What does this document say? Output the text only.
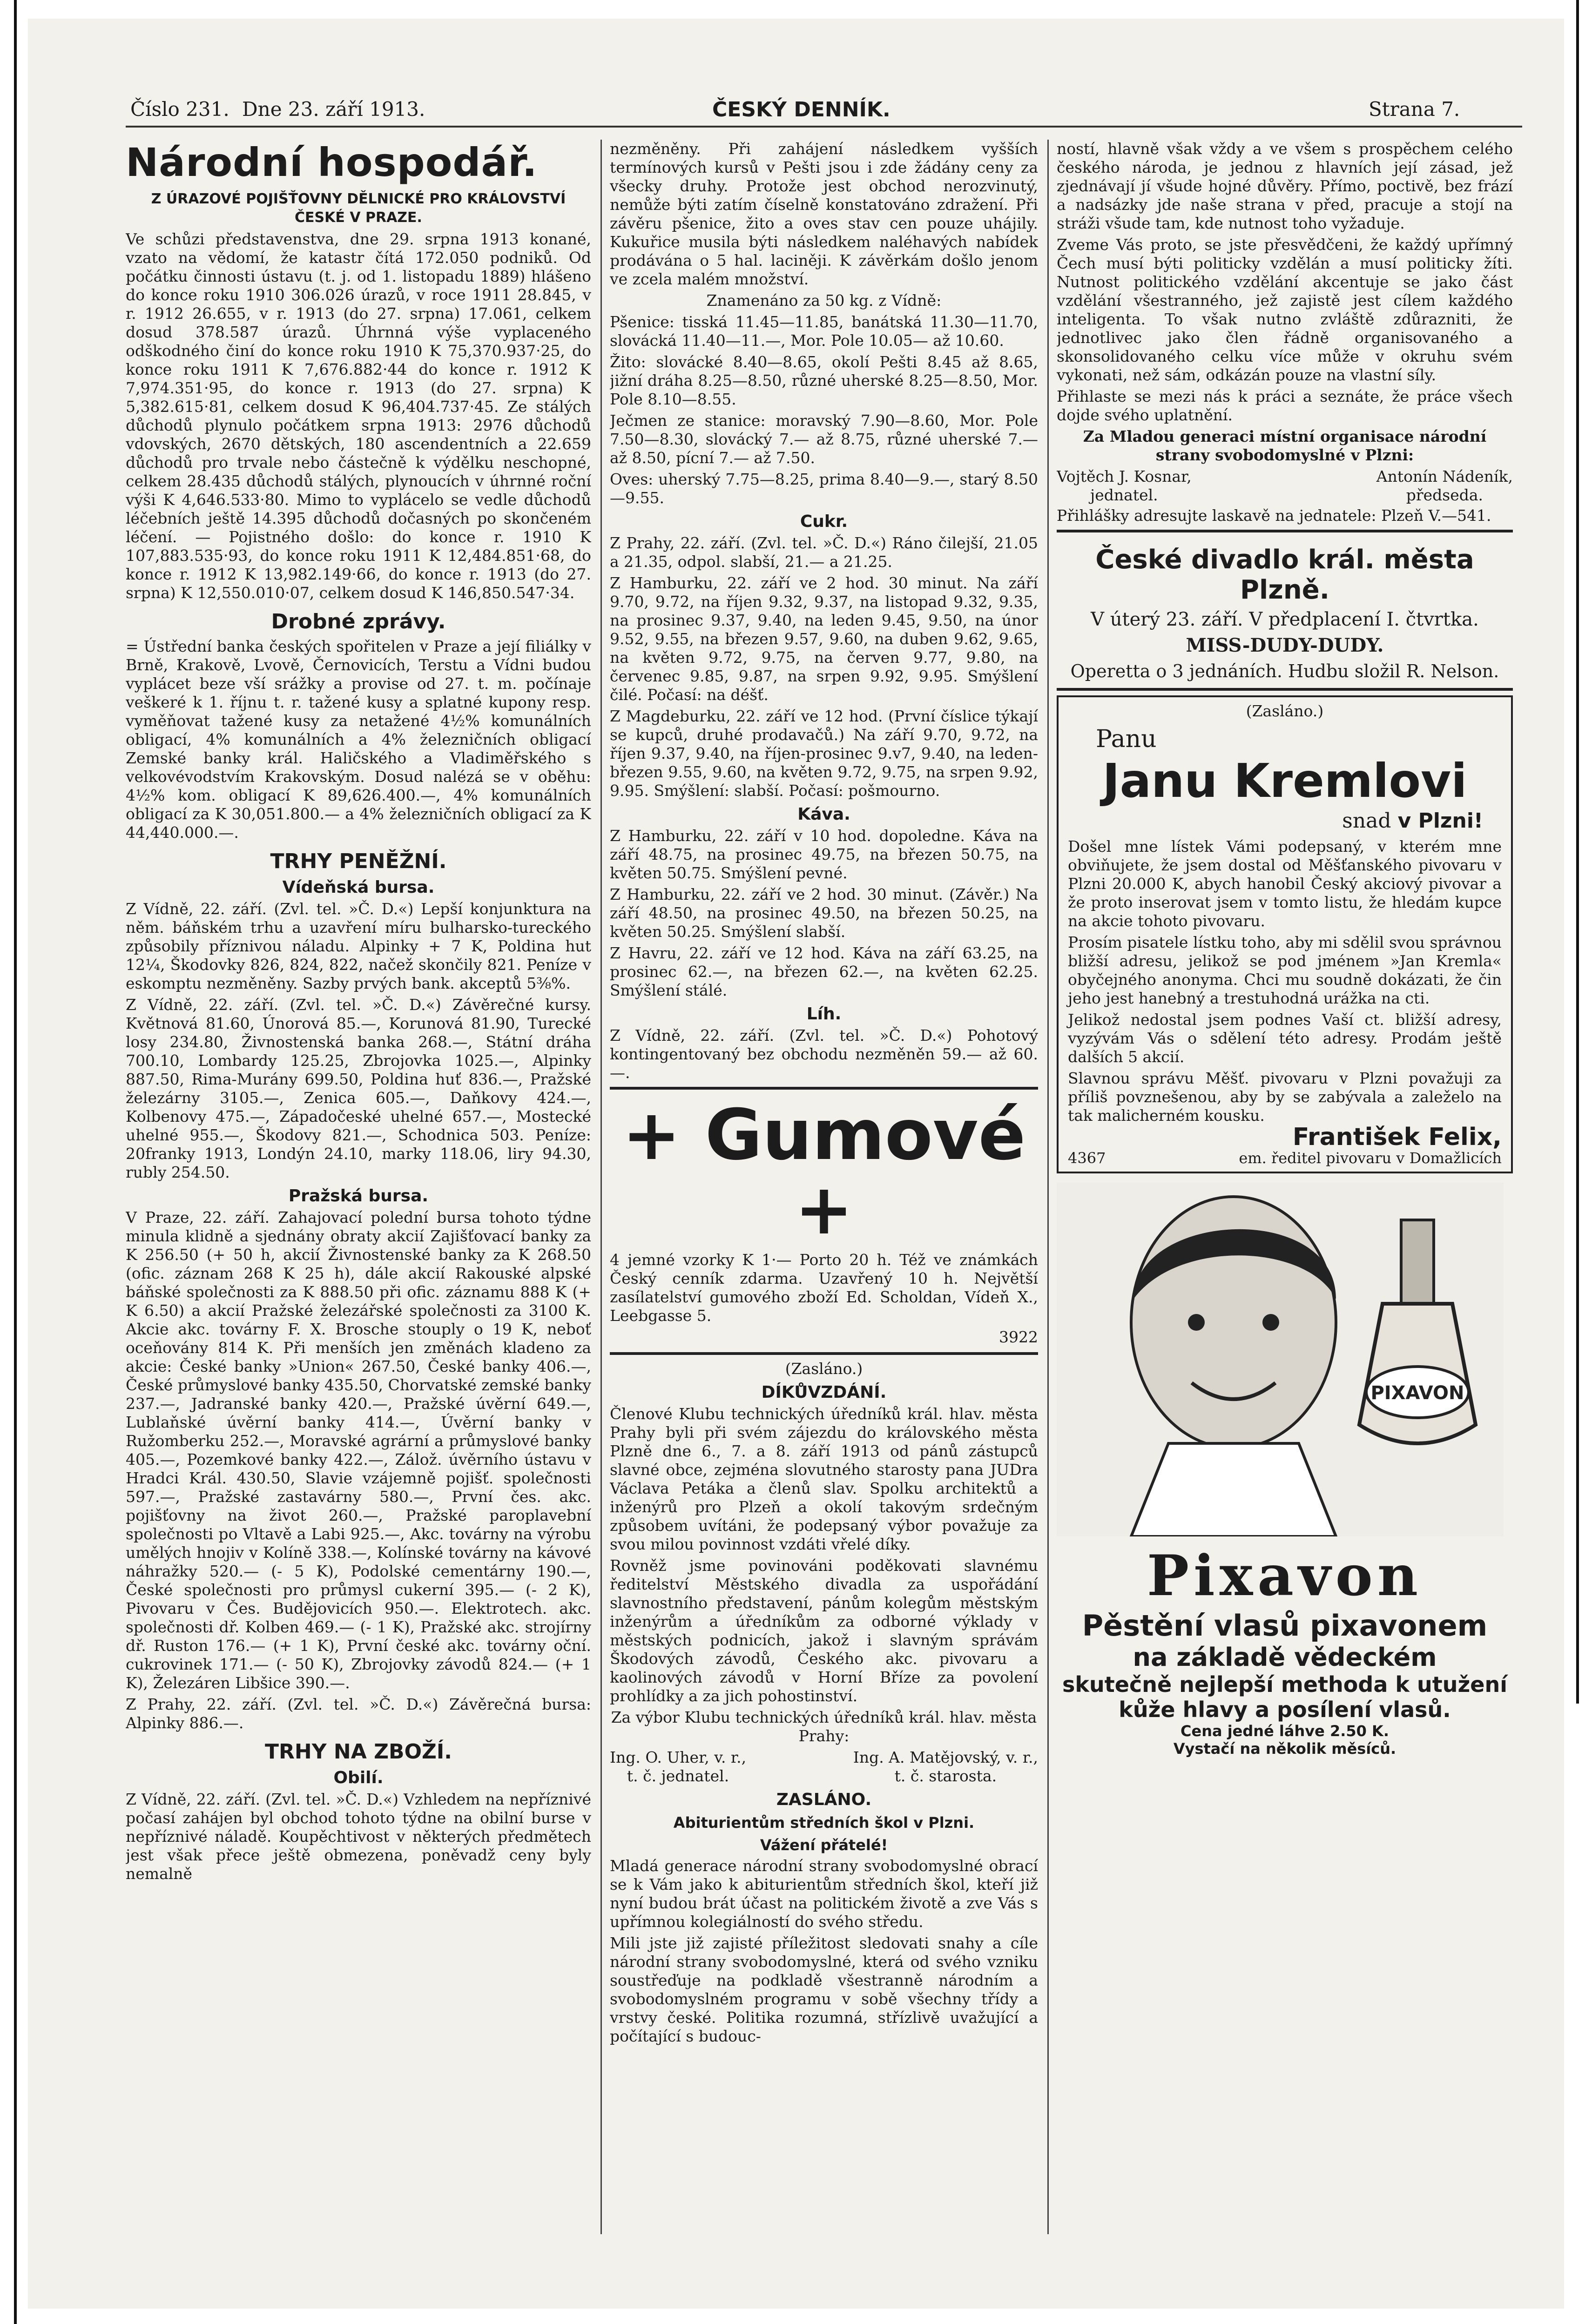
Číslo 231. Dne 23. září 1913.	ČESKÝ DENNÍK.	Strana 7.
Národní hospodář.
Z ÚRAZOVÉ POJIŠŤOVNY DĚLNICKÉ PRO KRÁLOVSTVÍ ČESKÉ V PRAZE.

Ve schůzi představenstva, dne 29. srpna 1913 konané, vzato na vědomí, že katastr čítá 172.050 podniků. Od počátku činnosti ústavu (t. j. od 1. listopadu 1889) hlášeno do konce roku 1910 306.026 úrazů, v roce 1911 28.845, v r. 1912 26.655, v r. 1913 (do 27. srpna) 17.061, celkem dosud 378.587 úrazů. Úhrnná výše vyplaceného odškodného činí do konce roku 1910 K 75,370.937·25, do konce roku 1911 K 7,676.882·44 do konce r. 1912 K 7,974.351·95, do konce r. 1913 (do 27. srpna) K 5,382.615·81, celkem dosud K 96,404.737·45. Ze stálých důchodů plynulo počátkem srpna 1913: 2976 důchodů vdovských, 2670 dětských, 180 ascendentních a 22.659 důchodů pro trvale nebo částečně k výdělku neschopné, celkem 28.435 důchodů stálých, plynoucích v úhrnné roční výši K 4,646.533·80. Mimo to vyplácelo se vedle důchodů léčebních ještě 14.395 důchodů dočasných po skončeném léčení. — Pojistného došlo: do konce r. 1910 K 107,883.535·93, do konce roku 1911 K 12,484.851·68, do konce r. 1912 K 13,982.149·66, do konce r. 1913 (do 27. srpna) K 12,550.010·07, celkem dosud K 146,850.547·34.

Drobné zprávy.

= Ústřední banka českých spořitelen v Praze a její filiálky v Brně, Krakově, Lvově, Černovicích, Terstu a Vídni budou vyplácet beze vší srážky a provise od 27. t. m. počínaje veškeré k 1. říjnu t. r. tažené kusy a splatné kupony resp. vyměňovat tažené kusy za netažené 4½% komunálních obligací, 4% komunálních a 4% železničních obligací Zemské banky král. Haličského a Vladiměřského s velkovévodstvím Krakovským. Dosud nalézá se v oběhu: 4½% kom. obligací K 89,626.400.—, 4% komunálních obligací za K 30,051.800.— a 4% železničních obligací za K 44,440.000.—.

TRHY PENĚŽNÍ.
Vídeňská bursa.

Z Vídně, 22. září. (Zvl. tel. »Č. D.«) Lepší konjunktura na něm. báňském trhu a uzavření míru bulharsko-tureckého způsobily příznivou náladu. Alpinky + 7 K, Poldina hut 12¼, Škodovky 826, 824, 822, načež skončily 821. Peníze v eskomptu nezměněny. Sazby prvých bank. akceptů 5⅜%.

Z Vídně, 22. září. (Zvl. tel. »Č. D.«) Závěrečné kursy. Květnová 81.60, Únorová 85.—, Korunová 81.90, Turecké losy 234.80, Živnostenská banka 268.—, Státní dráha 700.10, Lombardy 125.25, Zbrojovka 1025.—, Alpinky 887.50, Rima-Murány 699.50, Poldina huť 836.—, Pražské železárny 3105.—, Zenica 605.—, Daňkovy 424.—, Kolbenovy 475.—, Západočeské uhelné 657.—, Mostecké uhelné 955.—, Škodovy 821.—, Schodnica 503. Peníze: 20franky 1913, Londýn 24.10, marky 118.06, liry 94.30, rubly 254.50.

Pražská bursa.

V Praze, 22. září. Zahajovací polední bursa tohoto týdne minula klidně a sjednány obraty akcií Zajišťovací banky za K 256.50 (+ 50 h, akcií Živnostenské banky za K 268.50 (ofic. záznam 268 K 25 h), dále akcií Rakouské alpské báňské společnosti za K 888.50 při ofic. záznamu 888 K (+ K 6.50) a akcií Pražské železářské společnosti za 3100 K. Akcie akc. továrny F. X. Brosche stouply o 19 K, neboť oceňovány 814 K. Při menších jen změnách kladeno za akcie: České banky »Union« 267.50, České banky 406.—, České průmyslové banky 435.50, Chorvatské zemské banky 237.—, Jadranské banky 420.—, Pražské úvěrní 649.—, Lublaňské úvěrní banky 414.—, Úvěrní banky v Ružomberku 252.—, Moravské agrární a průmyslové banky 405.—, Pozemkové banky 422.—, Zálož. úvěrního ústavu v Hradci Král. 430.50, Slavie vzájemně pojišť. společnosti 597.—, Pražské zastavárny 580.—, První čes. akc. pojišťovny na život 260.—, Pražské paroplavební společnosti po Vltavě a Labi 925.—, Akc. továrny na výrobu umělých hnojiv v Kolíně 338.—, Kolínské továrny na kávové náhražky 520.— (- 5 K), Podolské cementárny 190.—, České společnosti pro průmysl cukerní 395.— (- 2 K), Pivovaru v Čes. Budějovicích 950.—. Elektrotech. akc. společnosti dř. Kolben 469.— (- 1 K), Pražské akc. strojírny dř. Ruston 176.— (+ 1 K), První české akc. továrny oční. cukrovinek 171.— (- 50 K), Zbrojovky závodů 824.— (+ 1 K), Železáren Libšice 390.—.

Z Prahy, 22. září. (Zvl. tel. »Č. D.«) Závěrečná bursa: Alpinky 886.—.

TRHY NA ZBOŽÍ.
Obilí.

Z Vídně, 22. září. (Zvl. tel. »Č. D.«) Vzhledem na nepříznivé počasí zahájen byl obchod tohoto týdne na obilní burse v nepříznivé náladě. Koupěchtivost v některých předmětech jest však přece ještě obmezena, poněvadž ceny byly nemalně

nezměněny. Při zahájení následkem vyšších termínových kursů v Pešti jsou i zde žádány ceny za všecky druhy. Protože jest obchod nerozvinutý, nemůže býti zatím číselně konstatováno zdražení. Při závěru pšenice, žito a oves stav cen pouze uhájily. Kukuřice musila býti následkem naléhavých nabídek prodávána o 5 hal. laciněji. K závěrkám došlo jenom ve zcela malém množství.

Znamenáno za 50 kg. z Vídně:

Pšenice: tisská 11.45—11.85, banátská 11.30—11.70, slovácká 11.40—11.—, Mor. Pole 10.05— až 10.60.

Žito: slovácké 8.40—8.65, okolí Pešti 8.45 až 8.65, jižní dráha 8.25—8.50, různé uherské 8.25—8.50, Mor. Pole 8.10—8.55.

Ječmen ze stanice: moravský 7.90—8.60, Mor. Pole 7.50—8.30, slovácký 7.— až 8.75, různé uherské 7.— až 8.50, pícní 7.— až 7.50.

Oves: uherský 7.75—8.25, prima 8.40—9.—, starý 8.50—9.55.

Cukr.

Z Prahy, 22. září. (Zvl. tel. »Č. D.«) Ráno čilejší, 21.05 a 21.35, odpol. slabší, 21.— a 21.25.

Z Hamburku, 22. září ve 2 hod. 30 minut. Na září 9.70, 9.72, na říjen 9.32, 9.37, na listopad 9.32, 9.35, na prosinec 9.37, 9.40, na leden 9.45, 9.50, na únor 9.52, 9.55, na březen 9.57, 9.60, na duben 9.62, 9.65, na květen 9.72, 9.75, na červen 9.77, 9.80, na červenec 9.85, 9.87, na srpen 9.92, 9.95. Smýšlení čilé. Počasí: na déšť.

Z Magdeburku, 22. září ve 12 hod. (První číslice týkají se kupců, druhé prodavačů.) Na září 9.70, 9.72, na říjen 9.37, 9.40, na říjen-prosinec 9.v7, 9.40, na leden-březen 9.55, 9.60, na květen 9.72, 9.75, na srpen 9.92, 9.95. Smýšlení: slabší. Počasí: pošmourno.

Káva.

Z Hamburku, 22. září v 10 hod. dopoledne. Káva na září 48.75, na prosinec 49.75, na březen 50.75, na květen 50.75. Smýšlení pevné.

Z Hamburku, 22. září ve 2 hod. 30 minut. (Závěr.) Na září 48.50, na prosinec 49.50, na březen 50.25, na květen 50.25. Smýšlení slabší.

Z Havru, 22. září ve 12 hod. Káva na září 63.25, na prosinec 62.—, na březen 62.—, na květen 62.25. Smýšlení stálé.

Líh.

Z Vídně, 22. září. (Zvl. tel. »Č. D.«) Pohotový kontingentovaný bez obchodu nezměněn 59.— až 60.—.

+ Gumové +

4 jemné vzorky K 1·— Porto 20 h. Též ve známkách Český cenník zdarma. Uzavřený 10 h. Největší zasílatelství gumového zboží Ed. Scholdan, Vídeň X., Leebgasse 5.

3922

(Zasláno.)

DÍKŮVZDÁNÍ.

Členové Klubu technických úředníků král. hlav. města Prahy byli při svém zájezdu do královského města Plzně dne 6., 7. a 8. září 1913 od pánů zástupců slavné obce, zejména slovutného starosty pana JUDra Václava Petáka a členů slav. Spolku architektů a inženýrů pro Plzeň a okolí takovým srdečným způsobem uvítáni, že podepsaný výbor považuje za svou milou povinnost vzdáti vřelé díky.

Rovněž jsme povinováni poděkovati slavnému ředitelství Městského divadla za uspořádání slavnostního představení, pánům kolegům městským inženýrům a úředníkům za odborné výklady v městských podnicích, jakož i slavným správám Škodových závodů, Českého akc. pivovaru a kaolinových závodů v Horní Bříze za povolení prohlídky a za jich pohostinství.

Za výbor Klubu technických úředníků král. hlav. města Prahy:

Ing. O. Uher, v. r.,
t. č. jednatel.
Ing. A. Matějovský, v. r.,
t. č. starosta.
ZASLÁNO.
Abiturientům středních škol v Plzni.
Vážení přátelé!

Mladá generace národní strany svobodomyslné obrací se k Vám jako k abiturientům středních škol, kteří již nyní budou brát účast na politickém životě a zve Vás s upřímnou kolegiálností do svého středu.

Mili jste již zajisté příležitost sledovati snahy a cíle národní strany svobodomyslné, která od svého vzniku soustřeďuje na podkladě všestranně národním a svobodomyslném programu v sobě všechny třídy a vrstvy české. Politika rozumná, střízlivě uvažující a počítající s budouc-

ností, hlavně však vždy a ve všem s prospěchem celého českého národa, je jednou z hlavních její zásad, jež zjednávají jí všude hojné důvěry. Přímo, poctivě, bez frází a nadsázky jde naše strana v před, pracuje a stojí na stráži všude tam, kde nutnost toho vyžaduje.

Zveme Vás proto, se jste přesvědčeni, že každý upřímný Čech musí býti politicky vzdělán a musí politicky žíti. Nutnost politického vzdělání akcentuje se jako část vzdělání všestranného, jež zajistě jest cílem každého inteligenta. To však nutno zvláště zdůrazniti, že jednotlivec jako člen řádně organisovaného a skonsolidovaného celku více může v okruhu svém vykonati, než sám, odkázán pouze na vlastní síly.

Přihlaste se mezi nás k práci a seznáte, že práce všech dojde svého uplatnění.

Za Mladou generaci místní organisace národní strany svobodomyslné v Plzni:

Vojtěch J. Kosnar,
jednatel.
Antonín Nádeník,
předseda.

Přihlášky adresujte laskavě na jednatele: Plzeň V.—541.

České divadlo král. města Plzně.

V úterý 23. září. V předplacení I. čtvrtka.

MISS-DUDY-DUDY.

Operetta o 3 jednáních. Hudbu složil R. Nelson.

(Zasláno.)

Panu
Janu Kremlovi
snad v Plzni!

Došel mne lístek Vámi podepsaný, v kterém mne obviňujete, že jsem dostal od Měšťanského pivovaru v Plzni 20.000 K, abych hanobil Český akciový pivovar a že proto inserovat jsem v tomto listu, že hledám kupce na akcie tohoto pivovaru.

Prosím pisatele lístku toho, aby mi sdělil svou správnou bližší adresu, jelikož se pod jménem »Jan Kremla« obyčejného anonyma. Chci mu soudně dokázati, že čin jeho jest hanebný a trestuhodná urážka na cti.

Jelikož nedostal jsem podnes Vaší ct. bližší adresy, vyzývám Vás o sdělení této adresy. Prodám ještě dalších 5 akcií.

Slavnou správu Měšť. pivovaru v Plzni považuji za příliš povznešenou, aby by se zabývala a zaleželo na tak malicherném kousku.

František Felix,

4367	em. ředitel pivovaru v Domažlicích
PIXAVON
Pixavon
Pěstění vlasů pixavonem
na základě vědeckém
skutečně nejlepší methoda k utužení
kůže hlavy a posílení vlasů.
Cena jedné láhve 2.50 K.
Vystačí na několik měsíců.
